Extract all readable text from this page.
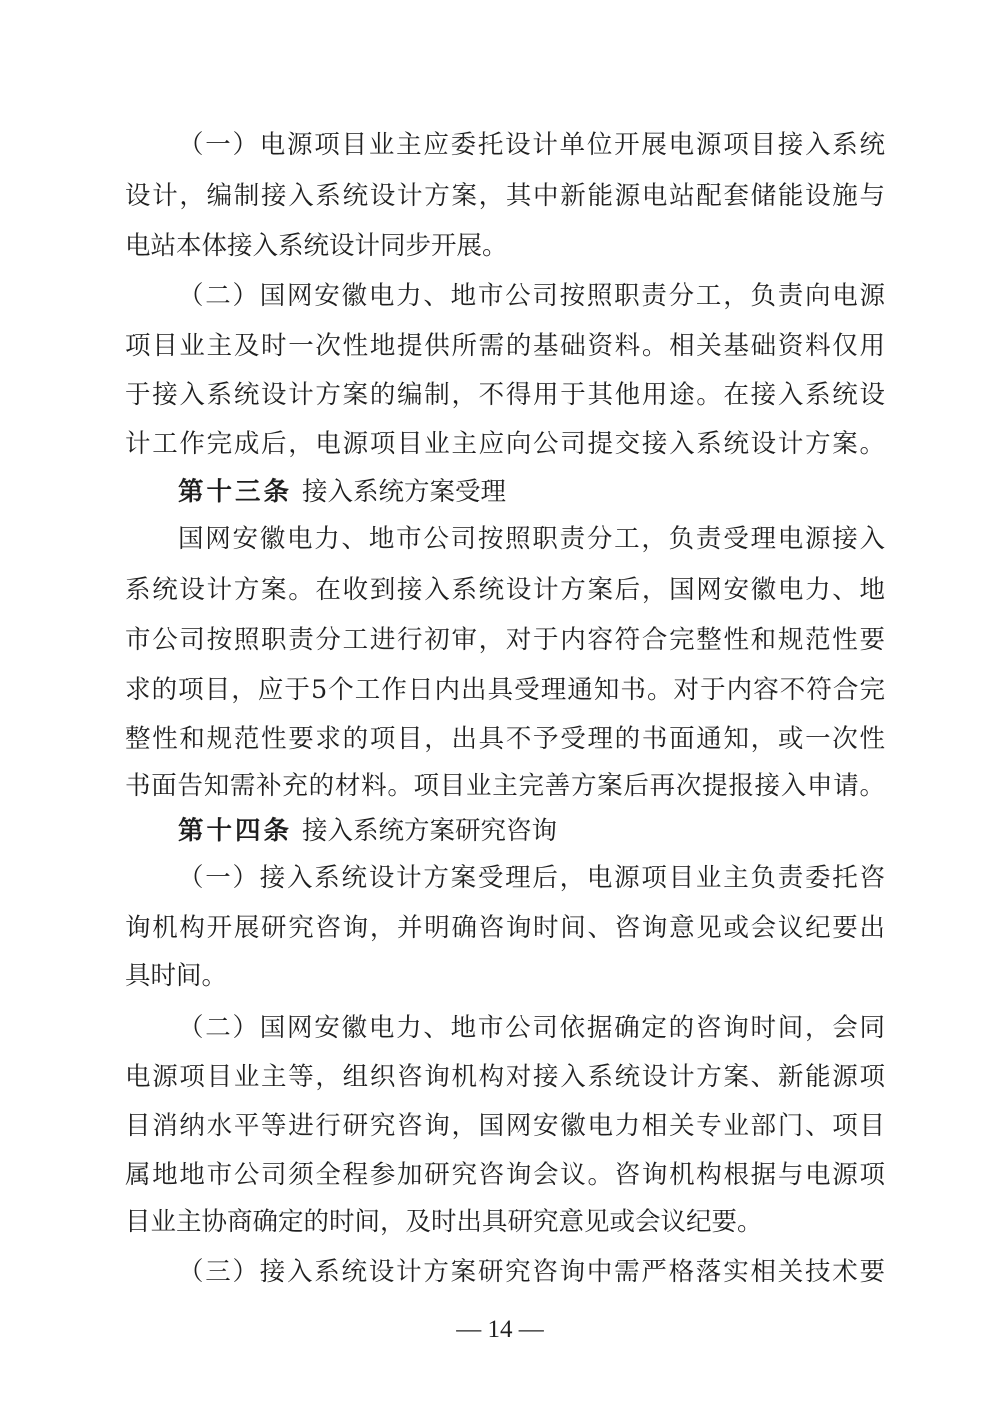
（一）电源项目业主应委托设计单位开展电源项目接入系统
设计，编制接入系统设计方案，其中新能源电站配套储能设施与
电站本体接入系统设计同步开展。
（二）国网安徽电力、地市公司按照职责分工，负责向电源
项目业主及时一次性地提供所需的基础资料。相关基础资料仅用
于接入系统设计方案的编制，不得用于其他用途。在接入系统设
计工作完成后，电源项目业主应向公司提交接入系统设计方案。
第十三条 接入系统方案受理
国网安徽电力、地市公司按照职责分工，负责受理电源接入
系统设计方案。在收到接入系统设计方案后，国网安徽电力、地
市公司按照职责分工进行初审，对于内容符合完整性和规范性要
求的项目，应于5个工作日内出具受理通知书。对于内容不符合完
整性和规范性要求的项目，出具不予受理的书面通知，或一次性
书面告知需补充的材料。项目业主完善方案后再次提报接入申请。
第十四条 接入系统方案研究咨询
（一）接入系统设计方案受理后，电源项目业主负责委托咨
询机构开展研究咨询，并明确咨询时间、咨询意见或会议纪要出
具时间。
（二）国网安徽电力、地市公司依据确定的咨询时间，会同
电源项目业主等，组织咨询机构对接入系统设计方案、新能源项
目消纳水平等进行研究咨询，国网安徽电力相关专业部门、项目
属地地市公司须全程参加研究咨询会议。咨询机构根据与电源项
目业主协商确定的时间，及时出具研究意见或会议纪要。
（三）接入系统设计方案研究咨询中需严格落实相关技术要
— 14 —
